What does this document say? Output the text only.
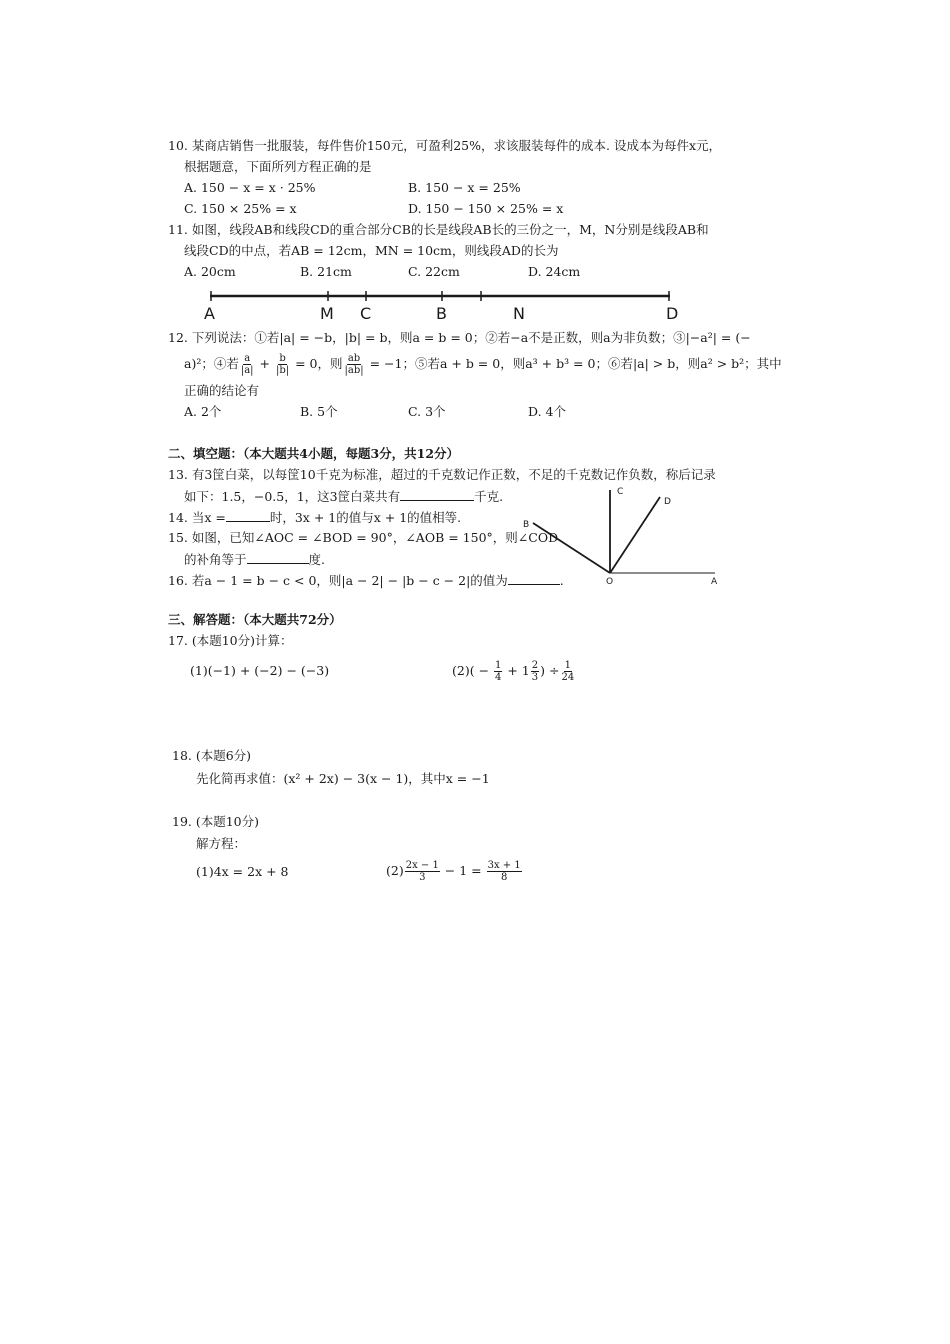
10. 某商店销售一批服装，每件售价150元，可盈利25%，求该服装每件的成本. 设成本为每件x元，
根据题意，下面所列方程正确的是
A. 150 − x = x · 25%	B. 150 − x = 25%
C. 150 × 25% = x	D. 150 − 150 × 25% = x
11. 如图，线段AB和线段CD的重合部分CB的长是线段AB长的三份之一，M，N分别是线段AB和
线段CD的中点，若AB = 12cm，MN = 10cm，则线段AD的长为
A. 20cm	B. 21cm	C. 22cm	D. 24cm
A	M C	B	N	D
12. 下列说法：①若|a| = −b，|b| = b，则a = b = 0；②若−a不是正数，则a为非负数；③|−a²| = (−
a)²；④若 $\frac{a}{|a|} + \frac{b}{|b|} = 0$，则 $\frac{ab}{|ab|} = -1$；⑤若a + b = 0，则a³ + b³ = 0；⑥若|a| > b，则a² > b²；其中
正确的结论有
A. 2个	B. 5个	C. 3个	D. 4个
二、填空题：（本大题共4小题，每题3分，共12分）
13. 有3筐白菜，以每筐10千克为标准，超过的千克数记作正数，不足的千克数记作负数，称后记录
如下：1.5，−0.5，1，这3筐白菜共有	千克.
14. 当x =	时，3x + 1的值与x + 1的值相等.
15. 如图，已知∠AOC = ∠BOD = 90°，∠AOB = 150°，则∠COD
的补角等于	度.
16. 若a − 1 = b − c < 0，则|a − 2| − |b − c − 2|的值为	.
C
D
B
O	A
三、解答题：（本大题共72分）
17. (本题10分)计算：
(1)(−1) + (−2) − (−3)	$(2)( - \frac{1}{4} + 1 \frac{2}{3}$ ) ÷ $\frac{1}{24}$
18. (本题6分)
先化简再求值：(x² + 2x) − 3(x − 1)，其中x = −1
19. (本题10分)
解方程：
(1)4x = 2x + 8	$(2) \frac{2x - 1}{3} - 1 = \frac{3x + 1}{8}$
